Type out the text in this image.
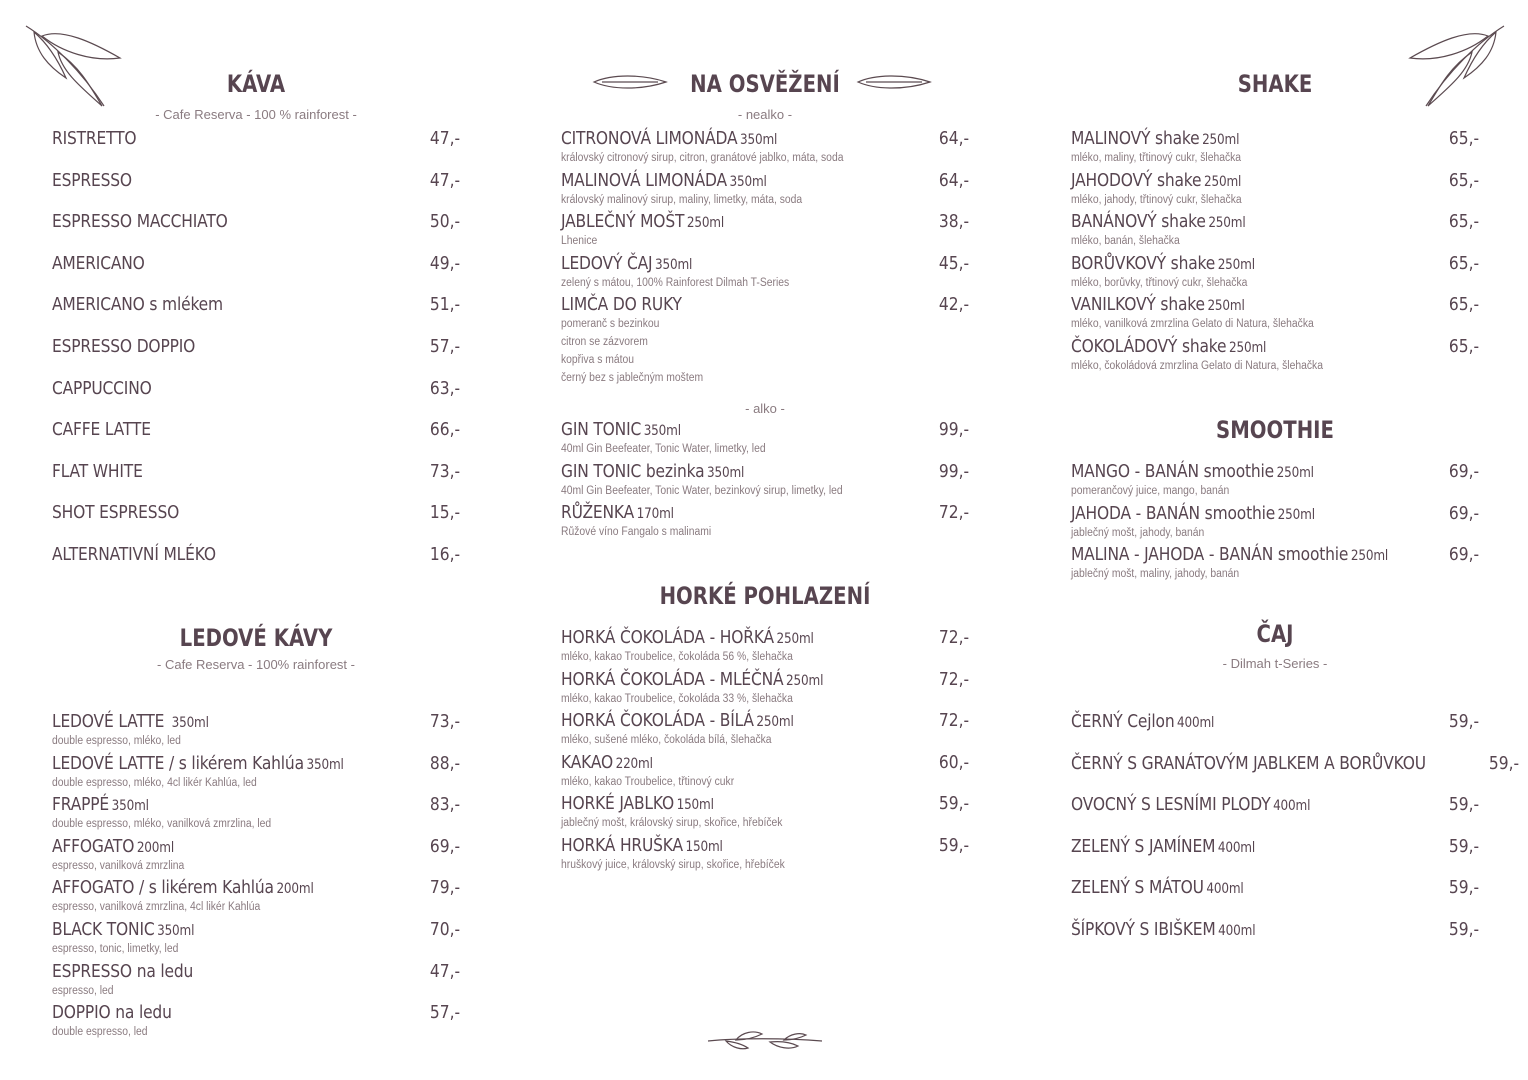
KÁVA
- Cafe Reserva - 100 % rainforest -
RISTRETTO	47,-
ESPRESSO	47,-
ESPRESSO MACCHIATO	50,-
AMERICANO	49,-
AMERICANO s mlékem	51,-
ESPRESSO DOPPIO	57,-
CAPPUCCINO	63,-
CAFFE LATTE	66,-
FLAT WHITE	73,-
SHOT ESPRESSO	15,-
ALTERNATIVNÍ MLÉKO	16,-
LEDOVÉ KÁVY
- Cafe Reserva - 100% rainforest -
LEDOVÉ LATTE 350ml	73,-
double espresso, mléko, led
LEDOVÉ LATTE / s likérem Kahlúa 350ml	88,-
double espresso, mléko, 4cl likér Kahlúa, led
FRAPPÉ 350ml	83,-
double espresso, mléko, vanilková zmrzlina, led
AFFOGATO 200ml	69,-
espresso, vanilková zmrzlina
AFFOGATO / s likérem Kahlúa 200ml	79,-
espresso, vanilková zmrzlina, 4cl likér Kahlúa
BLACK TONIC 350ml	70,-
espresso, tonic, limetky, led
ESPRESSO na ledu	47,-
espresso, led
DOPPIO na ledu	57,-
double espresso, led
NA OSVĚŽENÍ
- nealko -
CITRONOVÁ LIMONÁDA 350ml	64,-
královský citronový sirup, citron, granátové jablko, máta, soda
MALINOVÁ LIMONÁDA 350ml	64,-
královský malinový sirup, maliny, limetky, máta, soda
JABLEČNÝ MOŠT 250ml	38,-
Lhenice
LEDOVÝ ČAJ 350ml	45,-
zelený s mátou, 100% Rainforest Dilmah T-Series
LIMČA DO RUKY	42,-
pomeranč s bezinkou
citron se zázvorem
kopřiva s mátou
černý bez s jablečným moštem
- alko -
GIN TONIC 350ml	99,-
40ml Gin Beefeater, Tonic Water, limetky, led
GIN TONIC bezinka 350ml	99,-
40ml Gin Beefeater, Tonic Water, bezinkový sirup, limetky, led
RŮŽENKA 170ml	72,-
Růžové víno Fangalo s malinami
HORKÉ POHLAZENÍ
HORKÁ ČOKOLÁDA - HOŘKÁ 250ml	72,-
mléko, kakao Troubelice, čokoláda 56 %, šlehačka
HORKÁ ČOKOLÁDA - MLÉČNÁ 250ml	72,-
mléko, kakao Troubelice, čokoláda 33 %, šlehačka
HORKÁ ČOKOLÁDA - BÍLÁ 250ml	72,-
mléko, sušené mléko, čokoláda bílá, šlehačka
KAKAO 220ml	60,-
mléko, kakao Troubelice, třtinový cukr
HORKÉ JABLKO 150ml	59,-
jablečný mošt, královský sirup, skořice, hřebíček
HORKÁ HRUŠKA 150ml	59,-
hruškový juice, královský sirup, skořice, hřebíček
SHAKE
MALINOVÝ shake 250ml	65,-
mléko, maliny, třtinový cukr, šlehačka
JAHODOVÝ shake 250ml	65,-
mléko, jahody, třtinový cukr, šlehačka
BANÁNOVÝ shake 250ml	65,-
mléko, banán, šlehačka
BORŮVKOVÝ shake 250ml	65,-
mléko, borůvky, třtinový cukr, šlehačka
VANILKOVÝ shake 250ml	65,-
mléko, vanilková zmrzlina Gelato di Natura, šlehačka
ČOKOLÁDOVÝ shake 250ml	65,-
mléko, čokoládová zmrzlina Gelato di Natura, šlehačka
SMOOTHIE
MANGO - BANÁN smoothie 250ml	69,-
pomerančový juice, mango, banán
JAHODA - BANÁN smoothie 250ml	69,-
jablečný mošt, jahody, banán
MALINA - JAHODA - BANÁN smoothie 250ml	69,-
jablečný mošt, maliny, jahody, banán
ČAJ
- Dilmah t-Series -
ČERNÝ Cejlon 400ml	59,-
ČERNÝ S GRANÁTOVÝM JABLKEM A BORŮVKOU	59,-
OVOCNÝ S LESNÍMI PLODY 400ml	59,-
ZELENÝ S JAMÍNEM 400ml	59,-
ZELENÝ S MÁTOU 400ml	59,-
ŠÍPKOVÝ S IBIŠKEM 400ml	59,-
